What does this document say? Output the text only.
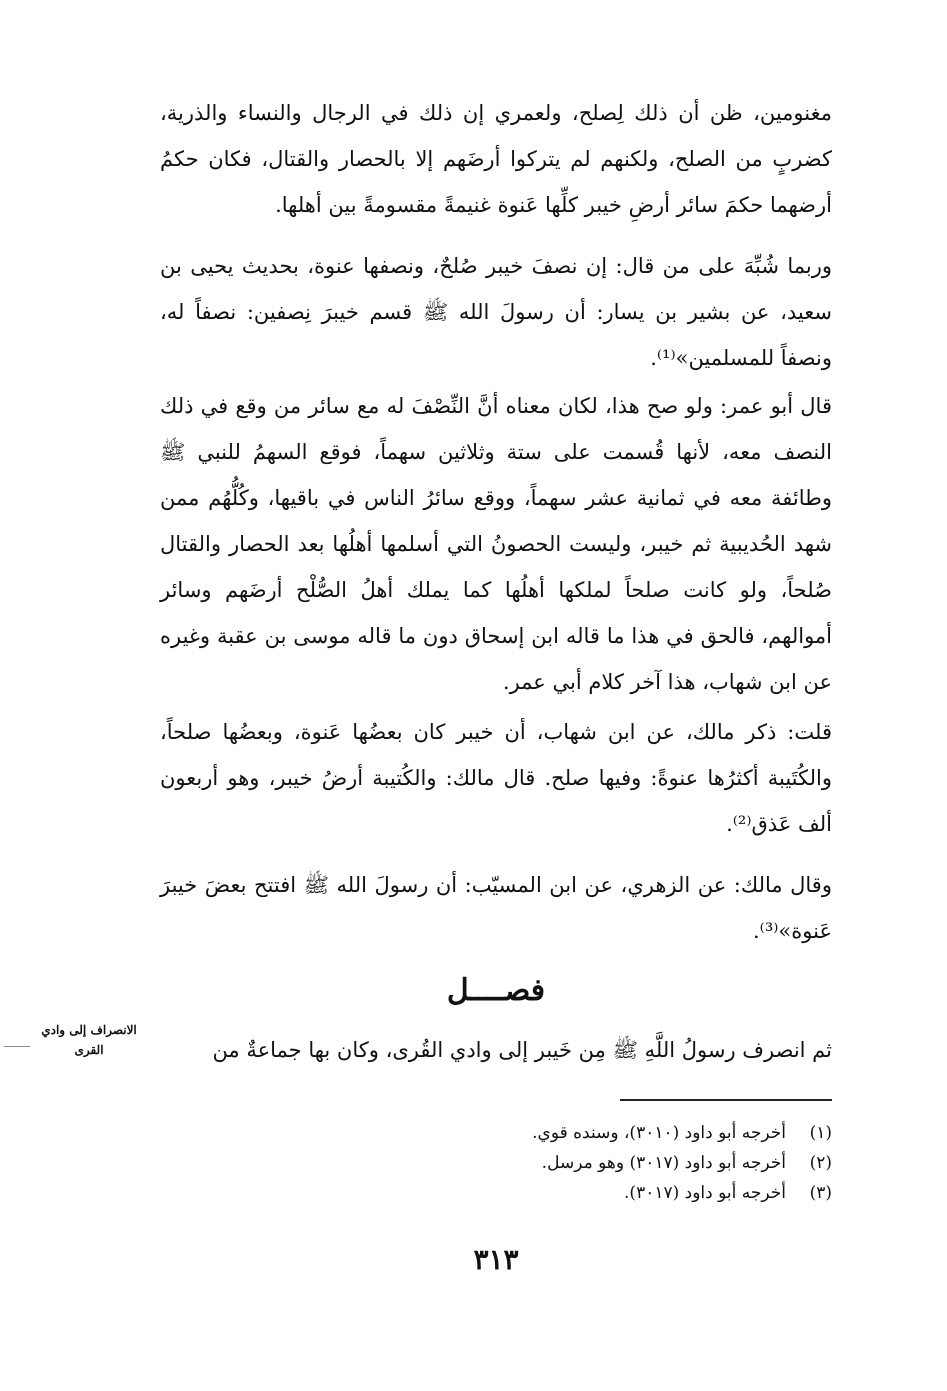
مغنومين، ظن أن ذلك لِصلح، ولعمري إن ذلك في الرجال والنساء والذرية، كضربٍ من الصلح، ولكنهم لم يتركوا أرضَهم إلا بالحصار والقتال، فكان حكمُ أرضهما حكمَ سائر أرضِ خيبر كلِّها عَنوة غنيمةً مقسومةً بين أهلها.

وربما شُبِّهَ على من قال: إن نصفَ خيبر صُلحٌ، ونصفها عنوة، بحديث يحيى بن سعيد، عن بشير بن يسار: أن رسولَ الله ﷺ قسم خيبرَ نِصفين: نصفاً له، ونصفاً للمسلمين»⁽¹⁾.

قال أبو عمر: ولو صح هذا، لكان معناه أنَّ النِّصْفَ له مع سائر من وقع في ذلك النصف معه، لأنها قُسمت على ستة وثلاثين سهماً، فوقع السهمُ للنبي ﷺ وطائفة معه في ثمانية عشر سهماً، ووقع سائرُ الناس في باقيها، وكُلُّهُم ممن شهد الحُديبية ثم خيبر، وليست الحصونُ التي أسلمها أهلُها بعد الحصار والقتال صُلحاً، ولو كانت صلحاً لملكها أهلُها كما يملك أهلُ الصُّلْح أرضَهم وسائر أموالهم، فالحق في هذا ما قاله ابن إسحاق دون ما قاله موسى بن عقبة وغيره عن ابن شهاب، هذا آخر كلام أبي عمر.

قلت: ذكر مالك، عن ابن شهاب، أن خيبر كان بعضُها عَنوة، وبعضُها صلحاً، والكُتَيبة أكثرُها عنوةً: وفيها صلح. قال مالك: والكُتيبة أرضُ خيبر، وهو أربعون ألف عَذق⁽²⁾.

وقال مالك: عن الزهري، عن ابن المسيّب: أن رسولَ الله ﷺ افتتح بعضَ خيبرَ عَنوة»⁽³⁾.

فصــــل
الانصراف إلى وادي القرى	ثم انصرف رسولُ اللَّهِ ﷺ مِن خَيبر إلى وادي القُرى، وكان بها جماعةٌ من

(١)أخرجه أبو داود (٣٠١٠)، وسنده قوي.
(٢)أخرجه أبو داود (٣٠١٧) وهو مرسل.
(٣)أخرجه أبو داود (٣٠١٧).
٣١٣
